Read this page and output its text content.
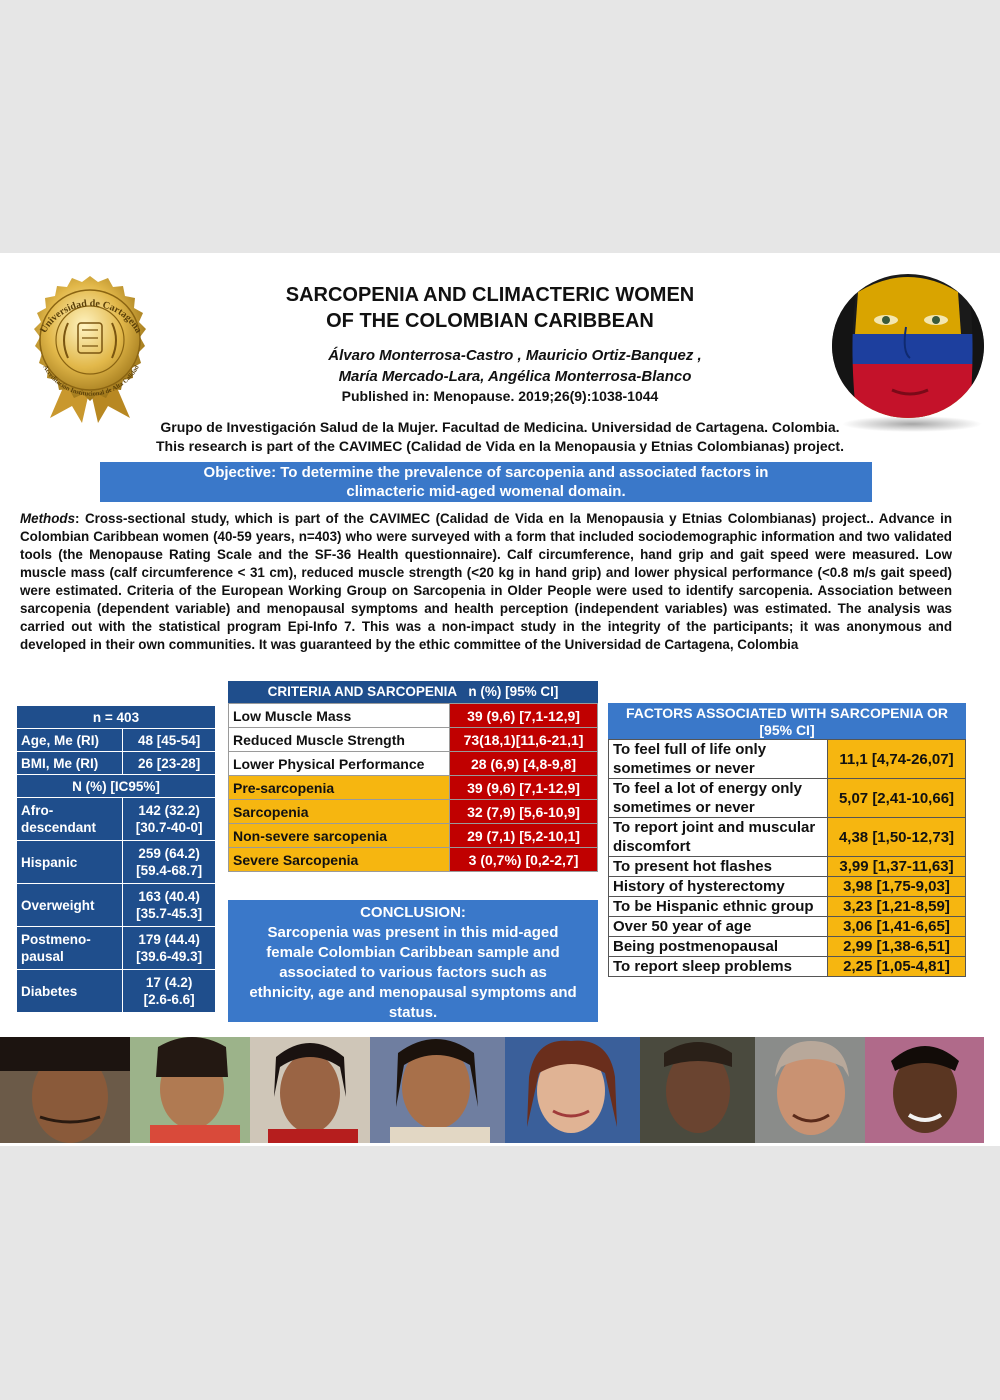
Universidad de Cartagena
Acreditación Institucional de Alta Calidad
SARCOPENIA AND CLIMACTERIC WOMEN
OF THE COLOMBIAN CARIBBEAN
Álvaro Monterrosa-Castro , Mauricio Ortiz-Banquez ,
María Mercado-Lara, Angélica Monterrosa-Blanco
Published in: Menopause. 2019;26(9):1038-1044
Grupo de Investigación Salud de la Mujer. Facultad de Medicina. Universidad de Cartagena. Colombia.
This research is part of the CAVIMEC (Calidad de Vida en la Menopausia y Etnias Colombianas) project.
Objective: To determine the prevalence of sarcopenia and associated factors in
climacteric mid-aged womenal domain.
Methods: Cross-sectional study, which is part of the CAVIMEC (Calidad de Vida en la Menopausia y Etnias Colombianas) project.. Advance in Colombian Caribbean women (40-59 years, n=403) who were surveyed with a form that included sociodemographic information and two validated tools (the Menopause Rating Scale and the SF-36 Health questionnaire). Calf circumference, hand grip and gait speed were measured. Low muscle mass (calf circumference < 31 cm), reduced muscle strength (<20 kg in hand grip) and lower physical performance (<0.8 m/s gait speed) were estimated. Criteria of the European Working Group on Sarcopenia in Older People were used to identify sarcopenia. Association between sarcopenia (dependent variable) and menopausal symptoms and health perception (independent variables) was estimated. The analysis was carried out with the statistical program Epi-Info 7. This was a non-impact study in the integrity of the participants; it was anonymous and developed in their own communities. It was guaranteed by the ethic committee of the Universidad de Cartagena, Colombia
n = 403	
Age, Me (RI)	48 [45-54]
BMI, Me (RI)	26 [23-28]
N (%) [IC95%]	
Afro-
descendant	142 (32.2)
[30.7-40-0]
Hispanic	259 (64.2)
[59.4-68.7]
Overweight	163 (40.4)
[35.7-45.3]
Postmeno-
pausal	179 (44.4)
[39.6-49.3]
Diabetes	17 (4.2)
[2.6-6.6]
CRITERIA AND SARCOPENIA n (%) [95% CI]
Low Muscle Mass	39 (9,6) [7,1-12,9]
Reduced Muscle Strength	73(18,1)[11,6-21,1]
Lower Physical Performance	28 (6,9) [4,8-9,8]
Pre-sarcopenia	39 (9,6) [7,1-12,9]
Sarcopenia	32 (7,9) [5,6-10,9]
Non-severe sarcopenia	29 (7,1) [5,2-10,1]
Severe Sarcopenia	3 (0,7%) [0,2-2,7]
CONCLUSION:
Sarcopenia was present in this mid-aged female Colombian Caribbean sample and associated to various factors such as ethnicity, age and menopausal symptoms and status.
FACTORS ASSOCIATED WITH SARCOPENIA OR [95% CI]
To feel full of life only sometimes or never	11,1 [4,74-26,07]
To feel a lot of energy only sometimes or never	5,07 [2,41-10,66]
To report joint and muscular discomfort	4,38 [1,50-12,73]
To present hot flashes	3,99 [1,37-11,63]
History of hysterectomy	3,98 [1,75-9,03]
To be Hispanic ethnic group	3,23 [1,21-8,59]
Over 50 year of age	3,06 [1,41-6,65]
Being postmenopausal	2,99 [1,38-6,51]
To report sleep problems	2,25 [1,05-4,81]
